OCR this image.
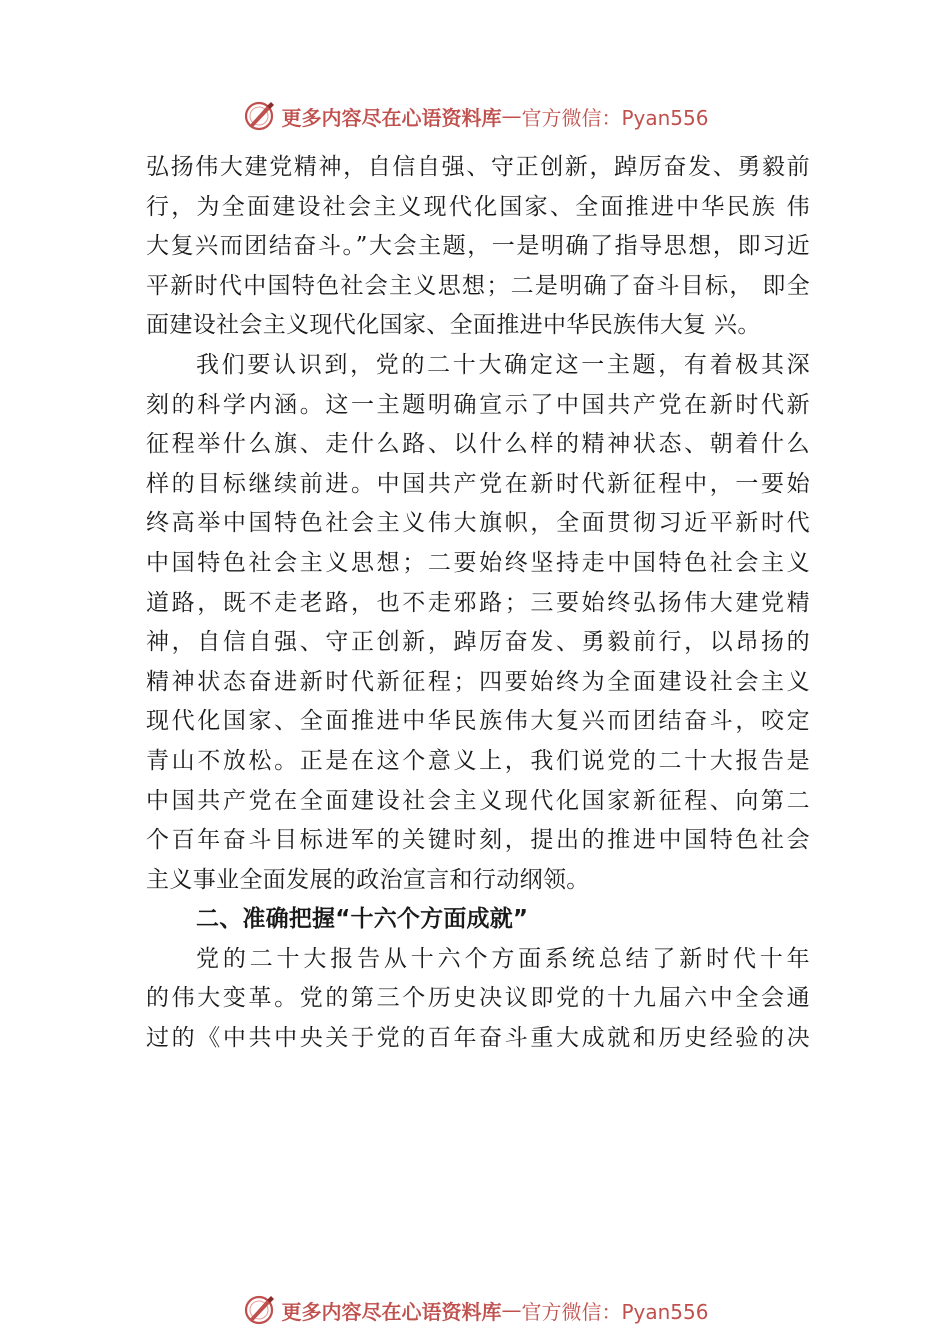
更多内容尽在心语资料库 — 官方微信：Pyan556
弘扬伟大建党精神，自信自强、守正创新，踔厉奋发、勇毅前
行，为全面建设社会主义现代化国家、全面推进中华民族 伟
大复兴而团结奋斗。”大会主题，一是明确了指导思想，即习近
平新时代中国特色社会主义思想；二是明确了奋斗目标， 即全
面建设社会主义现代化国家、全面推进中华民族伟大复 兴。
我们要认识到，党的二十大确定这一主题，有着极其深
刻的科学内涵。这一主题明确宣示了中国共产党在新时代新
征程举什么旗、走什么路、以什么样的精神状态、朝着什么
样的目标继续前进。中国共产党在新时代新征程中，一要始
终高举中国特色社会主义伟大旗帜，全面贯彻习近平新时代
中国特色社会主义思想；二要始终坚持走中国特色社会主义
道路，既不走老路，也不走邪路；三要始终弘扬伟大建党精
神，自信自强、守正创新，踔厉奋发、勇毅前行，以昂扬的
精神状态奋进新时代新征程；四要始终为全面建设社会主义
现代化国家、全面推进中华民族伟大复兴而团结奋斗，咬定
青山不放松。正是在这个意义上，我们说党的二十大报告是
中国共产党在全面建设社会主义现代化国家新征程、向第二
个百年奋斗目标进军的关键时刻，提出的推进中国特色社会
主义事业全面发展的政治宣言和行动纲领。
二、准确把握“十六个方面成就”
党的二十大报告从十六个方面系统总结了新时代十年
的伟大变革。党的第三个历史决议即党的十九届六中全会通
过的《中共中央关于党的百年奋斗重大成就和历史经验的决
更多内容尽在心语资料库 — 官方微信：Pyan556
